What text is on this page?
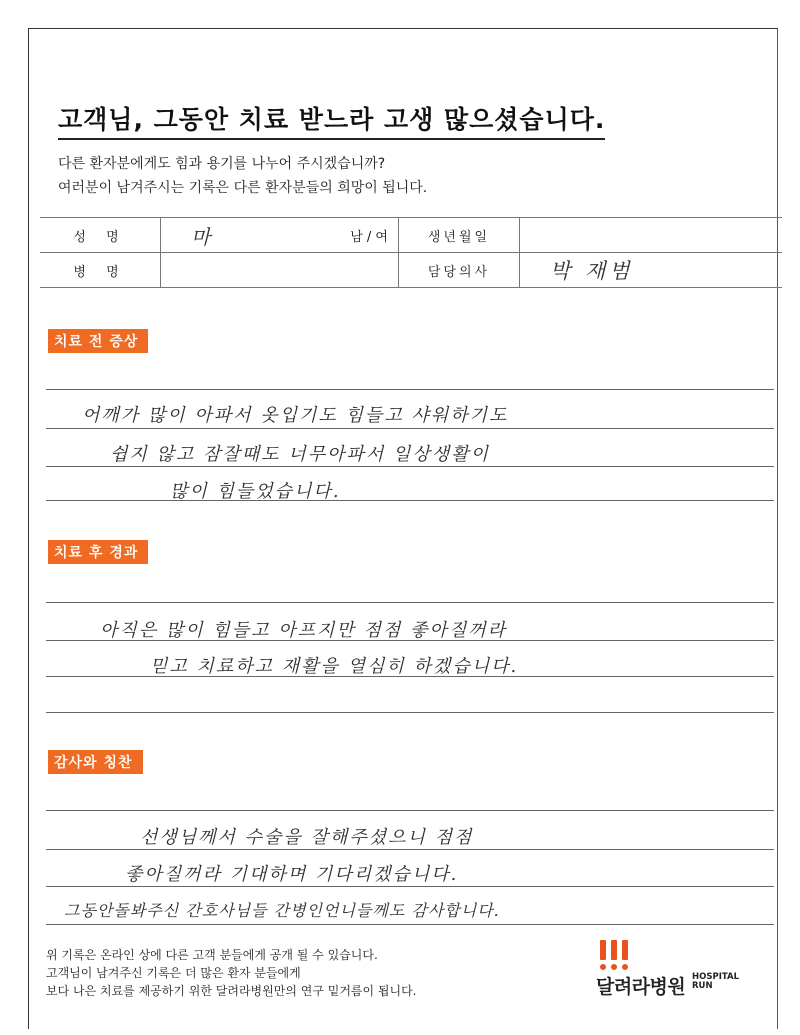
고객님, 그동안 치료 받느라 고생 많으셨습니다.
다른 환자분에게도 힘과 용기를 나누어 주시겠습니까?
여러분이 남겨주시는 기록은 다른 환자분들의 희망이 됩니다.
성 명	마	남 / 여	생년월일	
병 명			담당의사	박 재범
치료 전 증상
어깨가 많이 아파서 옷입기도 힘들고 샤워하기도
쉽지 않고 잠잘때도 너무아파서 일상생활이
많이 힘들었습니다.
치료 후 경과
아직은 많이 힘들고 아프지만 점점 좋아질꺼라
믿고 치료하고 재활을 열심히 하겠습니다.
감사와 칭찬
선생님께서 수술을 잘해주셨으니 점점
좋아질꺼라 기대하며 기다리겠습니다.
그동안돌봐주신 간호사님들 간병인언니들께도 감사합니다.
위 기록은 온라인 상에 다른 고객 분들에게 공개 될 수 있습니다.
고객님이 남겨주신 기록은 더 많은 환자 분들에게
보다 나은 치료를 제공하기 위한 달려라병원만의 연구 밑거름이 됩니다.	달려라병원 HOSPITAL
RUN
